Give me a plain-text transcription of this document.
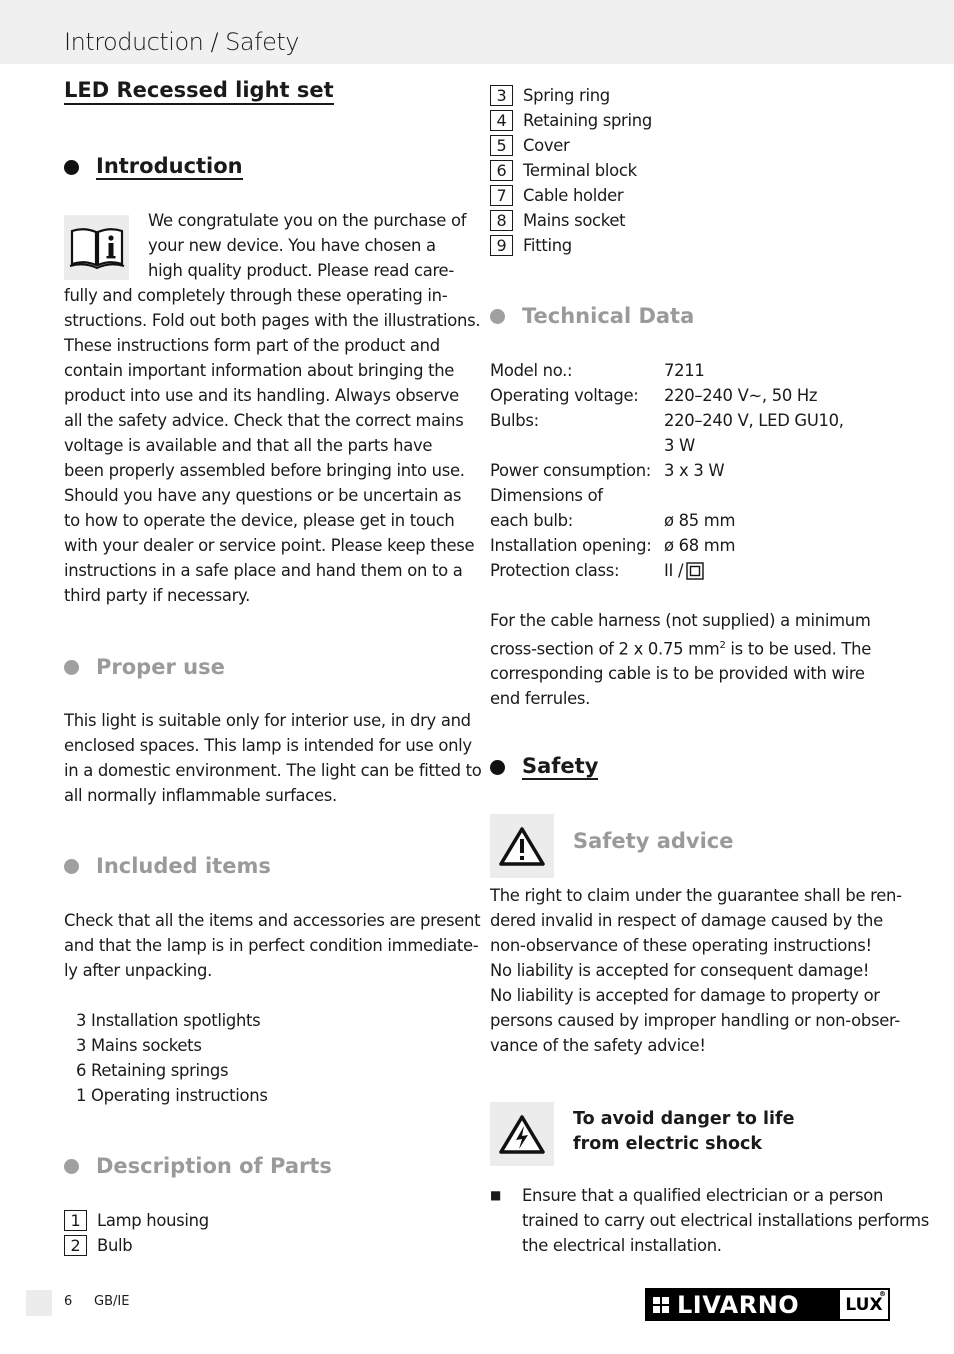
Introduction / Safety
LED Recessed light set
Introduction
We congratulate you on the purchase of
your new device. You have chosen a
high quality product. Please read care-
fully and completely through these operating in-
structions. Fold out both pages with the illustrations.
These instructions form part of the product and
contain important information about bringing the
product into use and its handling. Always observe
all the safety advice. Check that the correct mains
voltage is available and that all the parts have
been properly assembled before bringing into use.
Should you have any questions or be uncertain as
to how to operate the device, please get in touch
with your dealer or service point. Please keep these
instructions in a safe place and hand them on to a
third party if necessary.
Proper use
This light is suitable only for interior use, in dry and
enclosed spaces. This lamp is intended for use only
in a domestic environment. The light can be fitted to
all normally inflammable surfaces.
Included items
Check that all the items and accessories are present
and that the lamp is in perfect condition immediate-
ly after unpacking.
3 Installation spotlights
3 Mains sockets
6 Retaining springs
1 Operating instructions
Description of Parts
1	Lamp housing
2	Bulb
3	Spring ring
4	Retaining spring
5	Cover
6	Terminal block
7	Cable holder
8	Mains socket
9	Fitting
Technical Data
Model no.:	7211
Operating voltage:	220–240 V∼, 50 Hz
Bulbs:	220–240 V, LED GU10,
3 W
Power consumption: 3 x 3 W
Dimensions of
each bulb:	ø 85 mm
Installation opening: ø 68 mm
Protection class:	II /
For the cable harness (not supplied) a minimum
cross-section of 2 x 0.75 $mm^2$ is to be used. The
corresponding cable is to be provided with wire
end ferrules.
Safety
Safety advice
The right to claim under the guarantee shall be ren-
dered invalid in respect of damage caused by the
non-observance of these operating instructions!
No liability is accepted for consequent damage!
No liability is accepted for damage to property or
persons caused by improper handling or non-obser-
vance of the safety advice!
To avoid danger to life
from electric shock
■	Ensure that a qualified electrician or a person
trained to carry out electrical installations performs
the electrical installation.
6 GB/IE	LIVARNO	LUX
®
